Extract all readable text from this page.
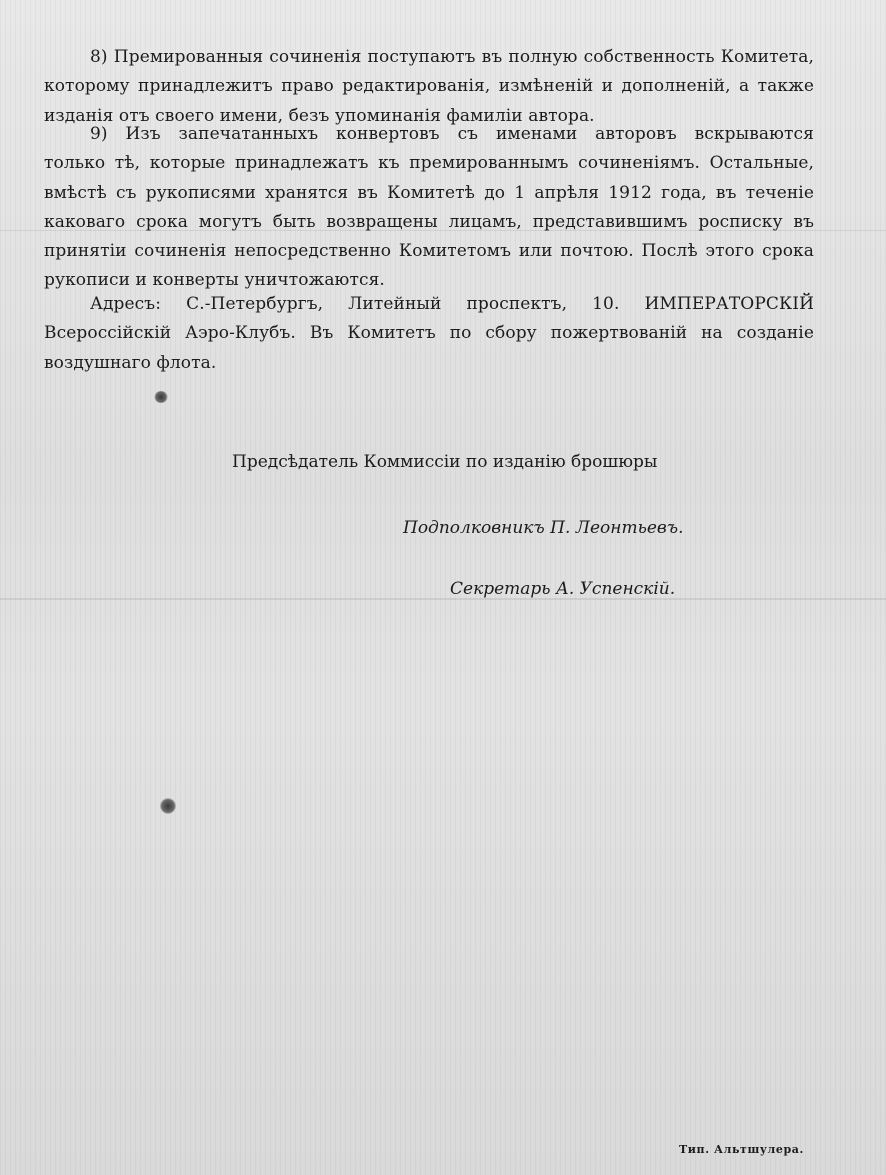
8) Премированныя сочиненія поступаютъ въ полную собственность Комитета,
которому принадлежитъ право редактированія, измѣненій и дополненій, а также
изданія отъ своего имени, безъ упоминанія фамиліи автора.
9) Изъ запечатанныхъ конвертовъ съ именами авторовъ вскрываются
только тѣ, которые принадлежатъ къ премированнымъ сочиненіямъ. Остальные,
вмѣстѣ съ рукописями хранятся въ Комитетѣ до 1 апрѣля 1912 года, въ теченіе
каковаго срока могутъ быть возвращены лицамъ, представившимъ росписку въ
принятіи сочиненія непосредственно Комитетомъ или почтою. Послѣ этого срока
рукописи и конверты уничтожаются.
Адресъ: С.-Петербургъ, Литейный проспектъ, 10. ИМПЕРАТОРСКІЙ
Всероссійскій Аэро-Клубъ. Въ Комитетъ по сбору пожертвованій на созданіе
воздушнаго флота.
Предсѣдатель Коммиссіи по изданію брошюры
Подполковникъ П. Леонтьевъ.
Секретарь А. Успенскій.
Тип. Альтшулера.
